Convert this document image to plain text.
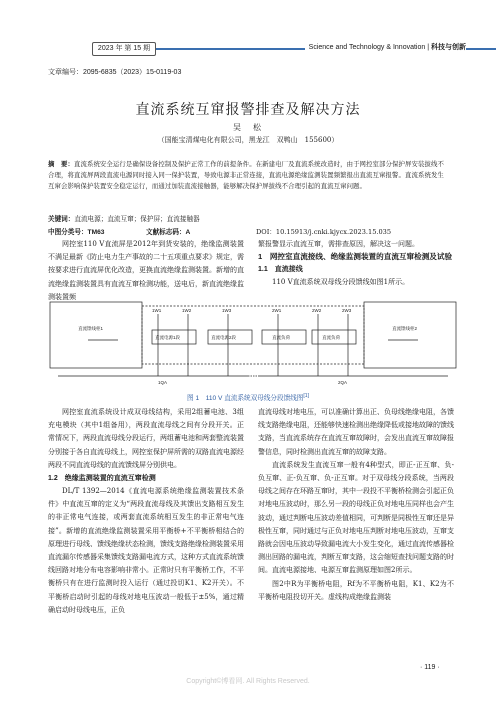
2023 年 第 15 期	Science and Technology & Innovation | 科技与创新
文章编号：2095-6835（2023）15-0119-03
直流系统互窜报警排查及解决方法
吴　松
（国能宝清煤电化有限公司，黑龙江　双鸭山　155600）
摘　要：直流系统安全运行是确保设备控制及保护正常工作的前提条件。在新建电厂及直流系统改造时，由于网控室部分保护屏安装拔线不合理，将直流屏两段直流电源同时接入同一保护装置，导致电源非正常连接，直流电源绝缘监测装置频繁报出直流互窜报警。直流系统发生互窜会影响保护装置安全稳定运行，而通过加装直流接触器，能够解决保护屏拔线不合理引起的直流互窜问题。
关键词：直流电源；直流互窜；保护屏；直流接触器
中图分类号：TM63	文献标志码：A	DOI：10.15913/j.cnki.kjycx.2023.15.035

网控室110 V直流屏是2012年到货安装的，绝缘监测装置不满足最新《防止电力生产事故的二十五项重点要求》规定，需按要求进行直流屏优化改造，更换直流绝缘监测装置。新增的直流绝缘监测装置具有直流互窜检测功能，送电后，新直流绝缘监测装置频

繁报警显示直流互窜，需排查原因，解决这一问题。

1　网控室直流接线、绝缘监测装置的直流互窜检测及试验

1.1　直流接线

110 V直流系统双母线分段馈线如图1所示。

直流馈线柜1	直流馈线柜2
1QA	2QA
1W1	1W2	1W3	2W1	2W2	2W3
直流电源1段	直流电源2段	直流负荷	直流负荷
图 1　110 V 直流系统双母线分段馈线图[1]

网控室直流系统设计成双母线结构，采用2组蓄电池、3组充电模块（其中1组备用），两段直流母线之间有分段开关。正常情况下，两段直流母线分段运行，两组蓄电池和两套整流装置分别接于各自直流母线上，网控室保护屏所需的双路直流电源经两段不同直流母线的直流馈线屏分别供电。

1.2　绝缘监测装置的直流互窜检测

DL/T 1392—2014《直流电源系统绝缘监测装置技术条件》中直流互窜的定义为“两段直流母线及其馈出支路相互发生的非正常电气连接，或两套直流系统相互发生的非正常电气连接”。新增的直流绝缘监测装置采用平衡桥+不平衡桥相结合的原理进行母线、馈线绝缘状态检测，馈线支路绝缘检测装置采用直流漏尔传感器采集馈线支路漏电流方式，这种方式直流系统馈线回路对地分布电容影响非常小。正常时只有平衡桥工作，不平衡桥只有在进行监测时投入运行（通过投切K1、K2开关）。不平衡桥启动时引起的母线对地电压波动一般低于±5%，通过精确启动时母线电压，正负

直流母线对地电压，可以准确计算出正、负母线绝缘电阻，各馈线支路绝缘电阻，还能够快速检测出绝缘降低或接地故障的馈线支路，当直流系统存在直流互窜故障时，会发出直流互窜故障报警信息，同时检测出直流互窜的故障支路。

直流系统发生直流互窜一般有4种型式，即正-正互窜、负-负互窜、正-负互窜、负-正互窜。对于双母线分段系统，当两段母线之间存在环路互窜时，其中一段投不平衡桥检测会引起正负对地电压波动时，那么另一段的母线正负对地电压同样也会产生波动，通过判断电压波动差值相同，可判断是同极性互窜还是异极性互窜，同时通过与正负对地电压判断对地电压波动，互窜支路就会因电压波动导致漏电流大小发生变化，通过直流传感器检测出回路的漏电流，判断互窜支路，这会缩短查找问题支路的时间。直流电源接地、电源互窜监测原理如图2所示。

图2中R为平衡桥电阻，Rf为不平衡桥电阻，K1、K2为不平衡桥电阻投切开关。虚线构成绝缘监测装

· 119 ·
Copyright©博看网. All Rights Reserved.
